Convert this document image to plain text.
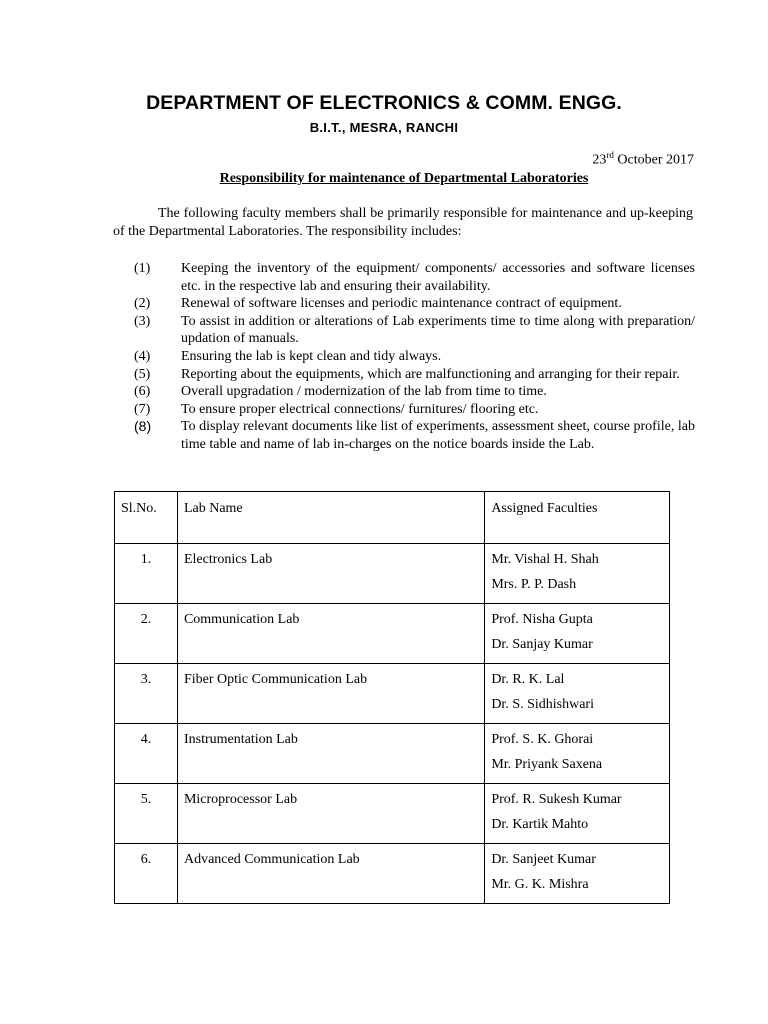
DEPARTMENT OF ELECTRONICS & COMM. ENGG.
B.I.T., MESRA, RANCHI
23rd October 2017
Responsibility for maintenance of Departmental Laboratories
The following faculty members shall be primarily responsible for maintenance and up-keeping of the Departmental Laboratories. The responsibility includes:
(1)	Keeping the inventory of the equipment/ components/ accessories and software licenses etc. in the respective lab and ensuring their availability.
(2)	Renewal of software licenses and periodic maintenance contract of equipment.
(3)	To assist in addition or alterations of Lab experiments time to time along with preparation/ updation of manuals.
(4)	Ensuring the lab is kept clean and tidy always.
(5)	Reporting about the equipments, which are malfunctioning and arranging for their repair.
(6)	Overall upgradation / modernization of the lab from time to time.
(7)	To ensure proper electrical connections/ furnitures/ flooring etc.
(8)	To display relevant documents like list of experiments, assessment sheet, course profile, lab time table and name of lab in-charges on the notice boards inside the Lab.
Sl.No.	Lab Name	Assigned Faculties
1.	Electronics Lab	Mr. Vishal H. Shah
Mrs. P. P. Dash

2.	Communication Lab	Prof. Nisha Gupta
Dr. Sanjay Kumar

3.	Fiber Optic Communication Lab	Dr. R. K. Lal
Dr. S. Sidhishwari

4.	Instrumentation Lab	Prof. S. K. Ghorai
Mr. Priyank Saxena

5.	Microprocessor Lab	Prof. R. Sukesh Kumar
Dr. Kartik Mahto

6.	Advanced Communication Lab	Dr. Sanjeet Kumar
Mr. G. K. Mishra
